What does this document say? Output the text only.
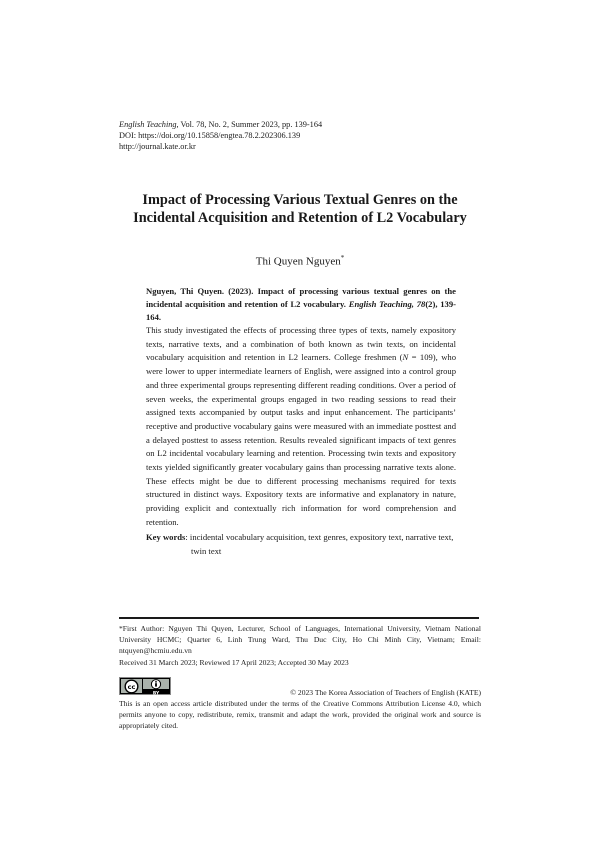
English Teaching, Vol. 78, No. 2, Summer 2023, pp. 139-164
DOI: https://doi.org/10.15858/engtea.78.2.202306.139
http://journal.kate.or.kr
Impact of Processing Various Textual Genres on the
Incidental Acquisition and Retention of L2 Vocabulary
Thi Quyen Nguyen*
Nguyen, Thi Quyen. (2023). Impact of processing various textual genres on the incidental acquisition and retention of L2 vocabulary. English Teaching, 78(2), 139-164.
This study investigated the effects of processing three types of texts, namely expository texts, narrative texts, and a combination of both known as twin texts, on incidental vocabulary acquisition and retention in L2 learners. College freshmen (N = 109), who were lower to upper intermediate learners of English, were assigned into a control group and three experimental groups representing different reading conditions. Over a period of seven weeks, the experimental groups engaged in two reading sessions to read their assigned texts accompanied by output tasks and input enhancement. The participants’ receptive and productive vocabulary gains were measured with an immediate posttest and a delayed posttest to assess retention. Results revealed significant impacts of text genres on L2 incidental vocabulary learning and retention. Processing twin texts and expository texts yielded significantly greater vocabulary gains than processing narrative texts alone. These effects might be due to different processing mechanisms required for texts structured in distinct ways. Expository texts are informative and explanatory in nature, providing explicit and contextually rich information for word comprehension and retention.
Key words: incidental vocabulary acquisition, text genres, expository text, narrative text,
twin text
*First Author: Nguyen Thi Quyen, Lecturer, School of Languages, International University, Vietnam National University HCMC; Quarter 6, Linh Trung Ward, Thu Duc City, Ho Chi Minh City, Vietnam; Email: ntquyen@hcmiu.edu.vn
Received 31 March 2023; Reviewed 17 April 2023; Accepted 30 May 2023
cc
BY	© 2023 The Korea Association of Teachers of English (KATE)
This is an open access article distributed under the terms of the Creative Commons Attribution License 4.0, which permits anyone to copy, redistribute, remix, transmit and adapt the work, provided the original work and source is appropriately cited.
